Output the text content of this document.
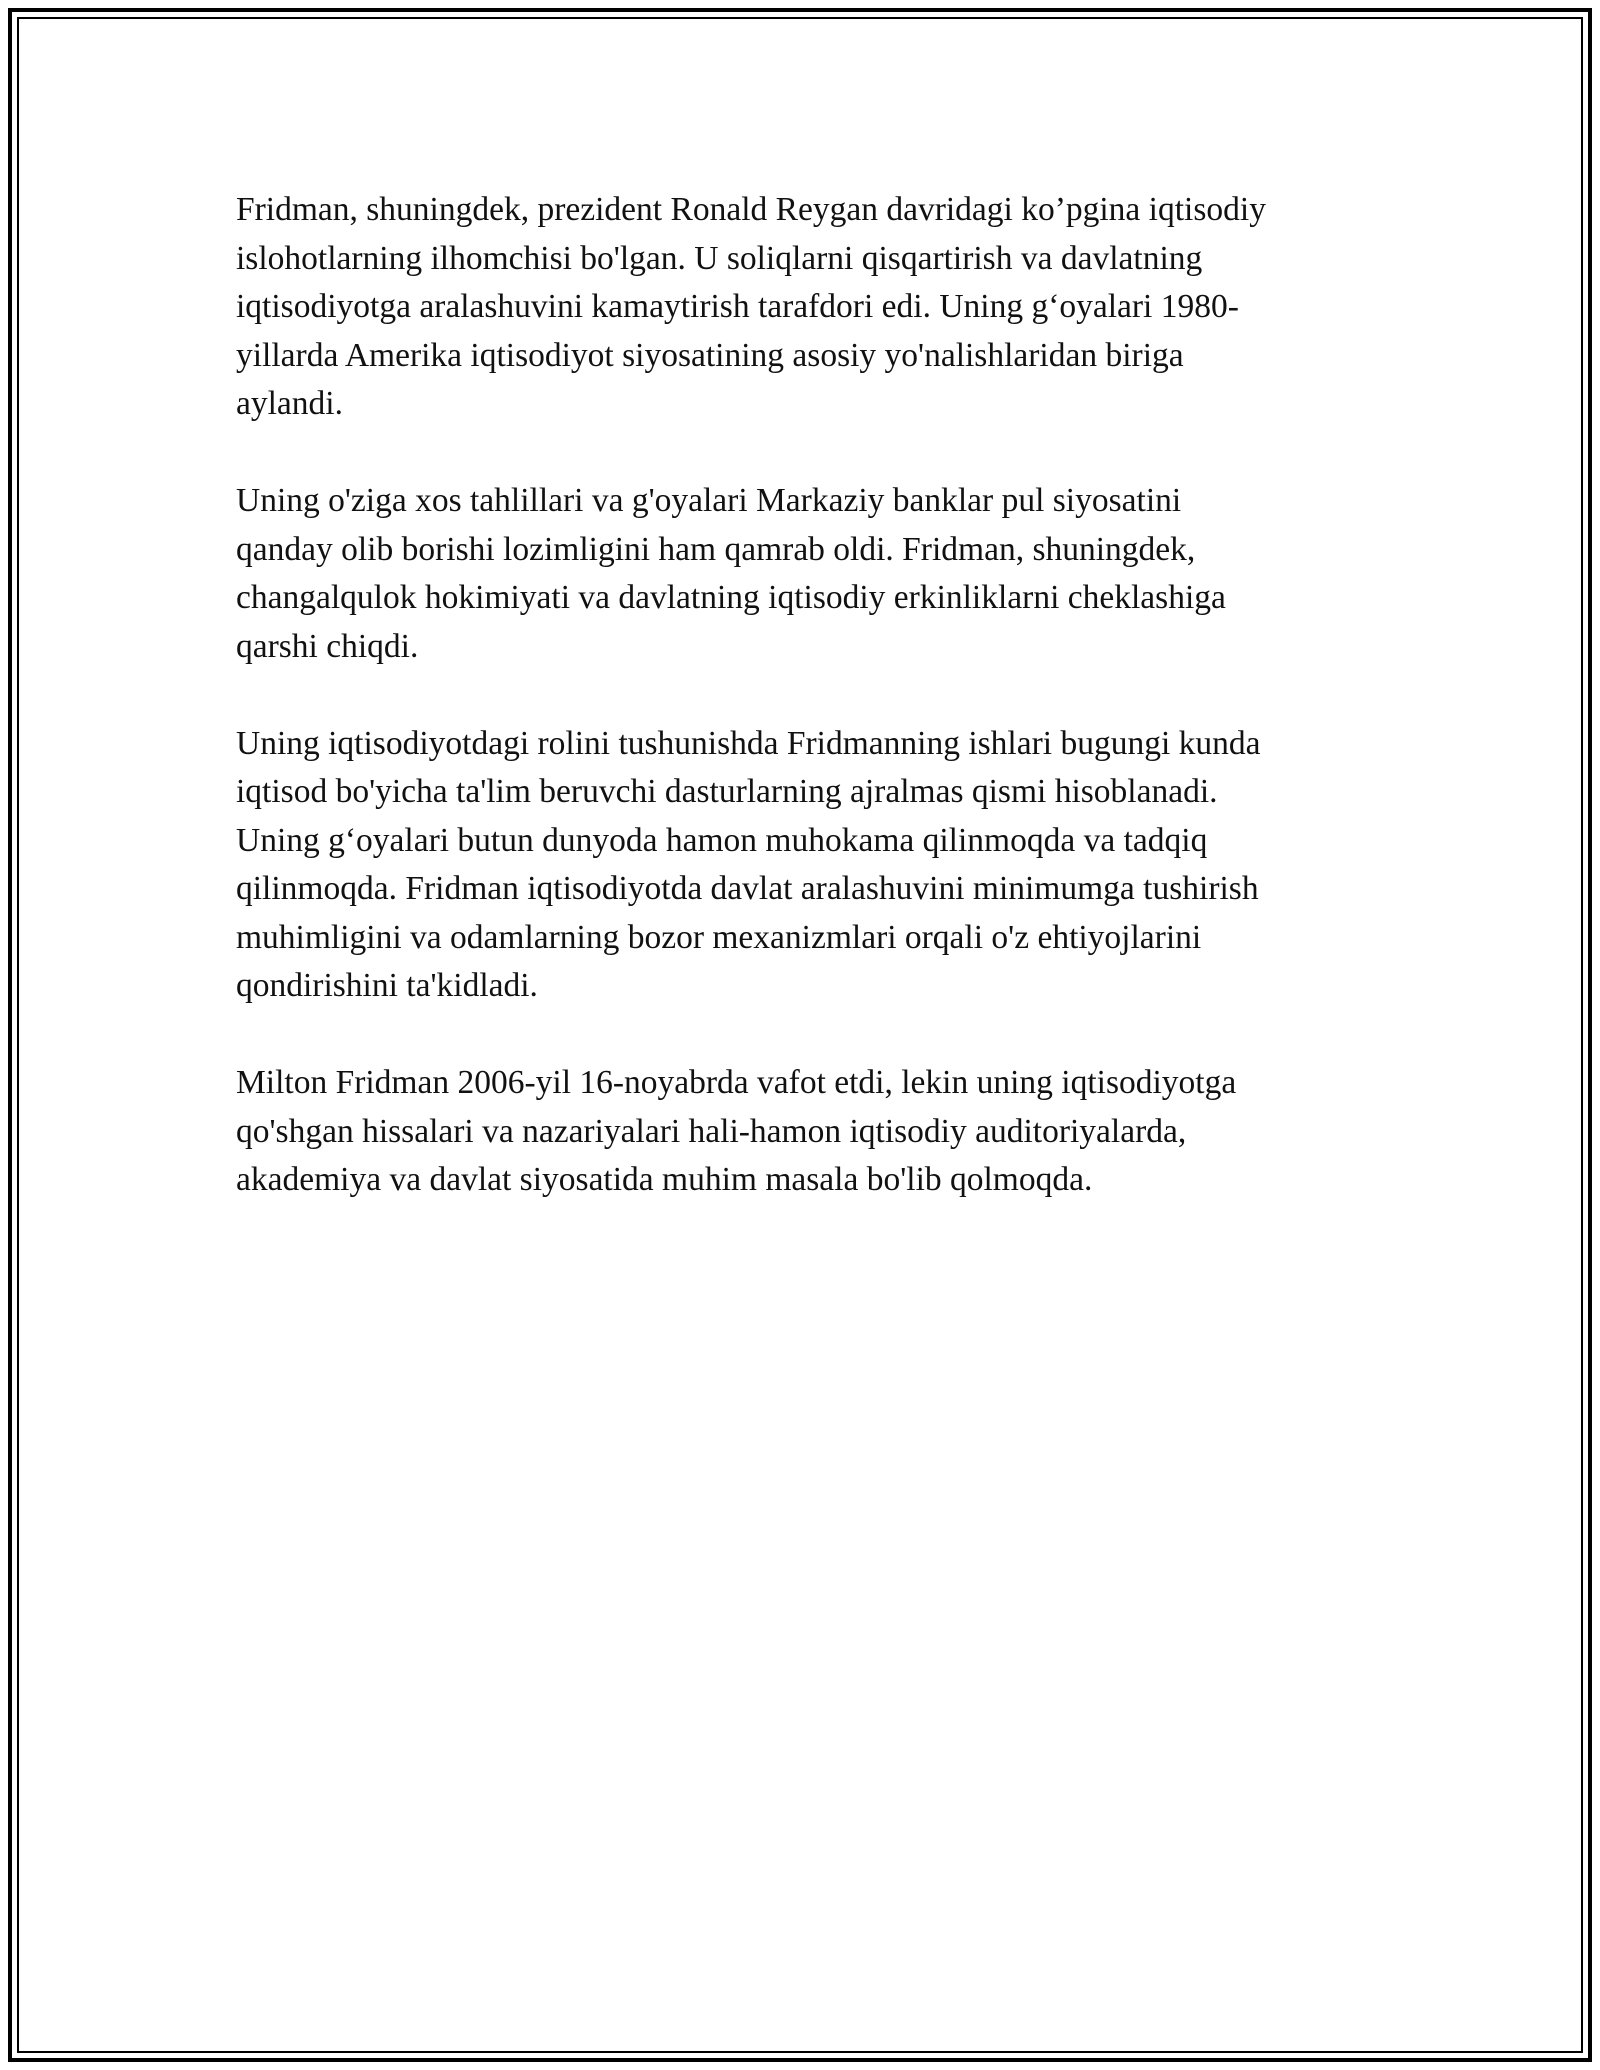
Fridman, shuningdek, prezident Ronald Reygan davridagi ko’pgina iqtisodiy
islohotlarning ilhomchisi bo'lgan. U soliqlarni qisqartirish va davlatning
iqtisodiyotga aralashuvini kamaytirish tarafdori edi. Uning g‘oyalari 1980-
yillarda Amerika iqtisodiyot siyosatining asosiy yo'nalishlaridan biriga
aylandi.

Uning o'ziga xos tahlillari va g'oyalari Markaziy banklar pul siyosatini
qanday olib borishi lozimligini ham qamrab oldi. Fridman, shuningdek,
changalqulok hokimiyati va davlatning iqtisodiy erkinliklarni cheklashiga
qarshi chiqdi.

Uning iqtisodiyotdagi rolini tushunishda Fridmanning ishlari bugungi kunda
iqtisod bo'yicha ta'lim beruvchi dasturlarning ajralmas qismi hisoblanadi.
Uning g‘oyalari butun dunyoda hamon muhokama qilinmoqda va tadqiq
qilinmoqda. Fridman iqtisodiyotda davlat aralashuvini minimumga tushirish
muhimligini va odamlarning bozor mexanizmlari orqali o'z ehtiyojlarini
qondirishini ta'kidladi.

Milton Fridman 2006-yil 16-noyabrda vafot etdi, lekin uning iqtisodiyotga
qo'shgan hissalari va nazariyalari hali-hamon iqtisodiy auditoriyalarda,
akademiya va davlat siyosatida muhim masala bo'lib qolmoqda.
